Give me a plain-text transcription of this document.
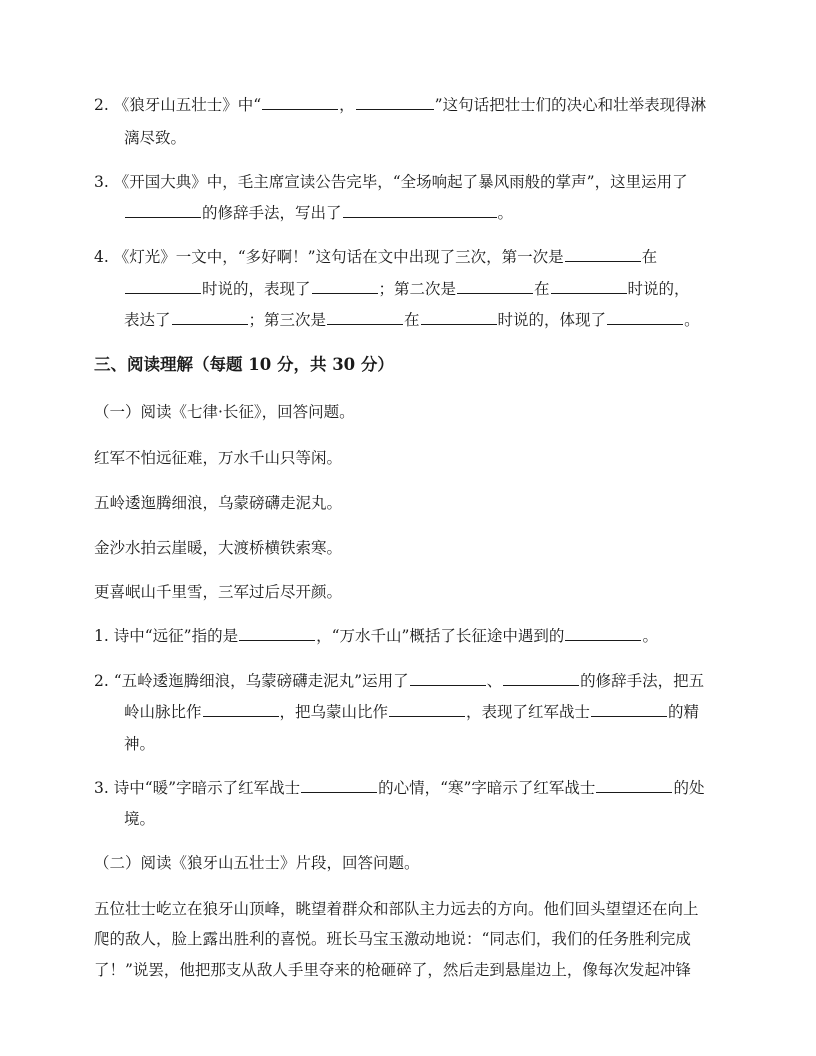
2. 《狼牙山五壮士》中“	，	”这句话把壮士们的决心和壮举表现得淋
漓尽致。
3. 《开国大典》中，毛主席宣读公告完毕，“全场响起了暴风雨般的掌声”，这里运用了
的修辞手法，写出了	。
4. 《灯光》一文中，“多好啊！”这句话在文中出现了三次，第一次是	在
时说的，表现了	；第二次是	在	时说的，
表达了	；第三次是	在	时说的，体现了	。
三、阅读理解（每题 10 分，共 30 分）
（一）阅读《七律·长征》，回答问题。
红军不怕远征难，万水千山只等闲。
五岭逶迤腾细浪，乌蒙磅礴走泥丸。
金沙水拍云崖暖，大渡桥横铁索寒。
更喜岷山千里雪，三军过后尽开颜。
1. 诗中“远征”指的是	，“万水千山”概括了长征途中遇到的	。
2. “五岭逶迤腾细浪，乌蒙磅礴走泥丸”运用了	、	的修辞手法，把五
岭山脉比作	，把乌蒙山比作	，表现了红军战士	的精
神。
3. 诗中“暖”字暗示了红军战士	的心情，“寒”字暗示了红军战士	的处
境。
（二）阅读《狼牙山五壮士》片段，回答问题。
五位壮士屹立在狼牙山顶峰，眺望着群众和部队主力远去的方向。他们回头望望还在向上
爬的敌人，脸上露出胜利的喜悦。班长马宝玉激动地说：“同志们，我们的任务胜利完成
了！”说罢，他把那支从敌人手里夺来的枪砸碎了，然后走到悬崖边上，像每次发起冲锋
